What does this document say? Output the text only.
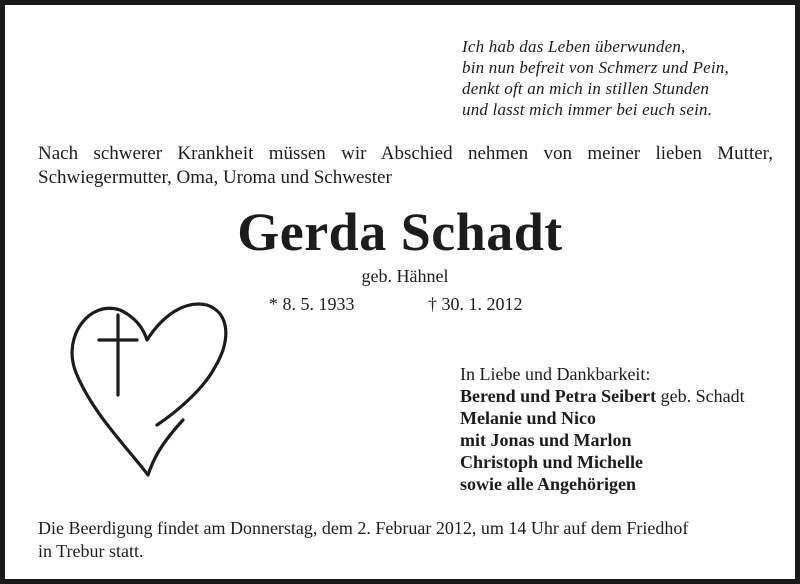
Ich hab das Leben überwunden,
bin nun befreit von Schmerz und Pein,
denkt oft an mich in stillen Stunden
und lasst mich immer bei euch sein.
Nach schwerer Krankheit müssen wir Abschied nehmen von meiner lieben Mutter,
Schwiegermutter, Oma, Uroma und Schwester
Gerda Schadt
geb. Hähnel
* 8. 5. 1933	† 30. 1. 2012
In Liebe und Dankbarkeit:
Berend und Petra Seibert geb. Schadt
Melanie und Nico
mit Jonas und Marlon
Christoph und Michelle
sowie alle Angehörigen
Die Beerdigung findet am Donnerstag, dem 2. Februar 2012, um 14 Uhr auf dem Friedhof
in Trebur statt.
